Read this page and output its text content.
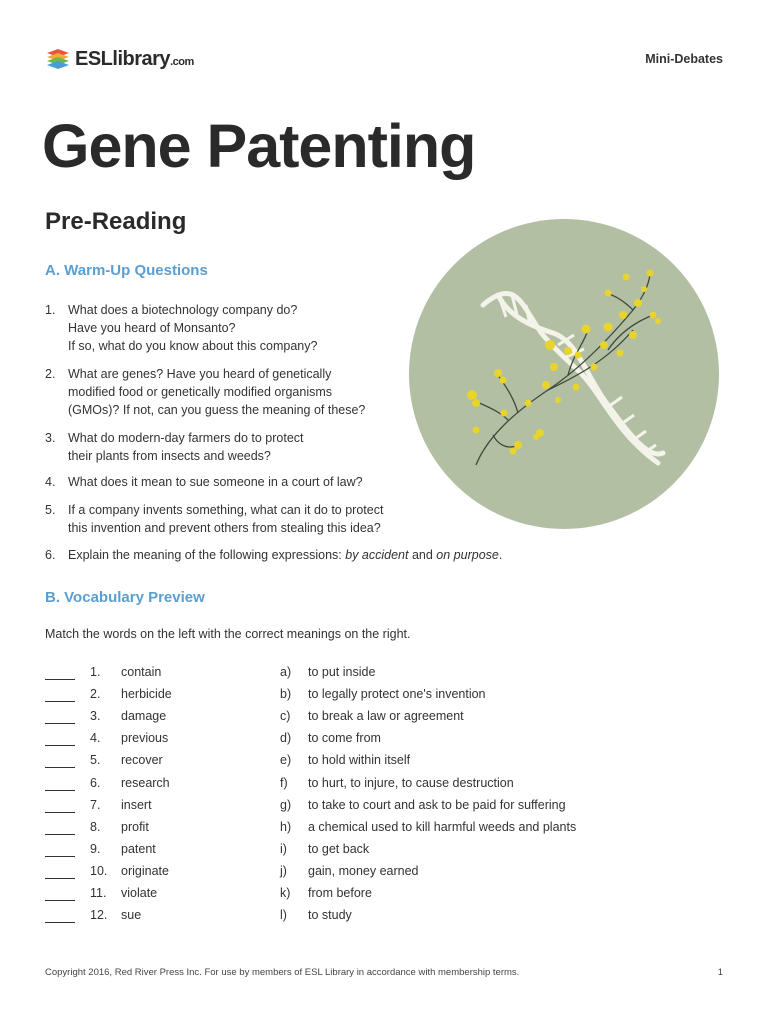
ESLlibrary.com	Mini-Debates
Gene Patenting
Pre-Reading
A. Warm-Up Questions
1. What does a biotechnology company do?
Have you heard of Monsanto?
If so, what do you know about this company?
2. What are genes? Have you heard of genetically
modified food or genetically modified organisms
(GMOs)? If not, can you guess the meaning of these?
3. What do modern-day farmers do to protect
their plants from insects and weeds?
4. What does it mean to sue someone in a court of law?
5. If a company invents something, what can it do to protect
this invention and prevent others from stealing this idea?
6. Explain the meaning of the following expressions: by accident and on purpose.
B. Vocabulary Preview
Match the words on the left with the correct meanings on the right.
1. contain	a) to put inside
2. herbicide	b) to legally protect one's invention
3. damage	c) to break a law or agreement
4. previous	d) to come from
5. recover	e) to hold within itself
6. research	f) to hurt, to injure, to cause destruction
7. insert	g) to take to court and ask to be paid for suffering
8. profit	h) a chemical used to kill harmful weeds and plants
9. patent	i) to get back
10. originate	j) gain, money earned
11. violate	k) from before
12. sue	l) to study
Copyright 2016, Red River Press Inc. For use by members of ESL Library in accordance with membership terms.	1
